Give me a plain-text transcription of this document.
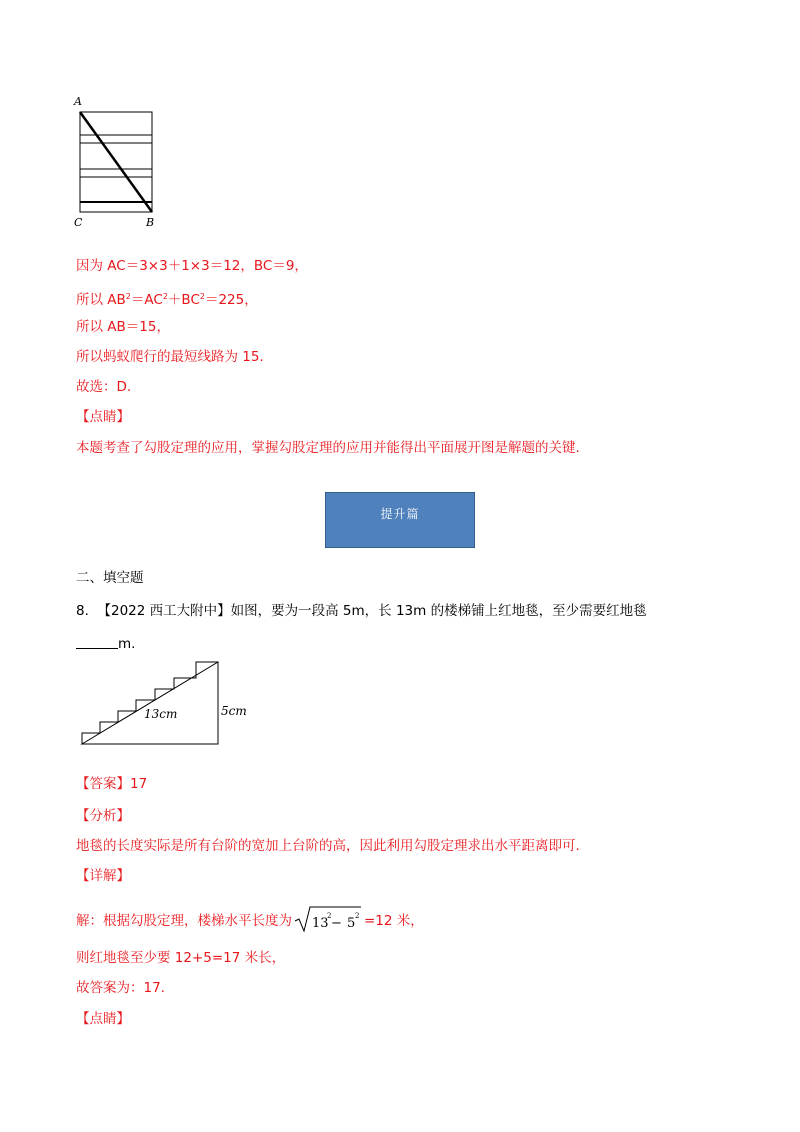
A
C	B
因为 AC＝3×3＋1×3＝12，BC＝9，
所以 $AB^2=AC^2+BC^2=225$，
所以 AB＝15，
所以蚂蚁爬行的最短线路为 15.
故选：D.
【点睛】
本题考查了勾股定理的应用，掌握勾股定理的应用并能得出平面展开图是解题的关键.
提升篇
二、填空题
8. 【2022 西工大附中】如图，要为一段高 5m，长 13m 的楼梯铺上红地毯，至少需要红地毯
m.
13cm	5cm
【答案】17
【分析】
地毯的长度实际是所有台阶的宽加上台阶的高，因此利用勾股定理求出水平距离即可.
【详解】
解：根据勾股定理，楼梯水平长度为 13
2 − 5 2 =12 米，
则红地毯至少要 12+5=17 米长，
故答案为：17.
【点睛】
